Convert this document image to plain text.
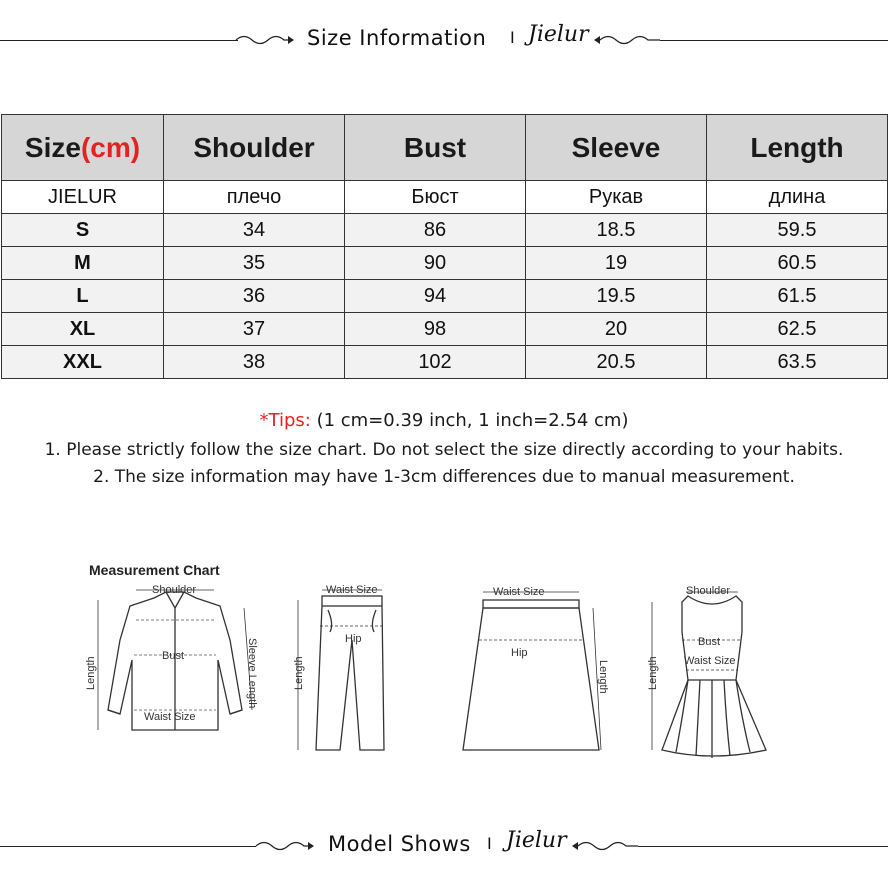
Size Information I Jielur
Size(cm)	Shoulder	Bust	Sleeve	Length
JIELUR	плечо	Бюст	Рукав	длина
S	34	86	18.5	59.5
M	35	90	19	60.5
L	36	94	19.5	61.5
XL	37	98	20	62.5
XXL	38	102	20.5	63.5
*Tips: (1 cm=0.39 inch, 1 inch=2.54 cm)
1. Please strictly follow the size chart. Do not select the size directly according to your habits.
2. The size information may have 1-3cm differences due to manual measurement.
Measurement Chart
Shoulder
Bust
Waist Size
Length	Sleeve Length
Waist Size
Hip
Length
Waist Size
Hip
Length
Shoulder
Bust
Waist Size
Length
Model Shows I Jielur
